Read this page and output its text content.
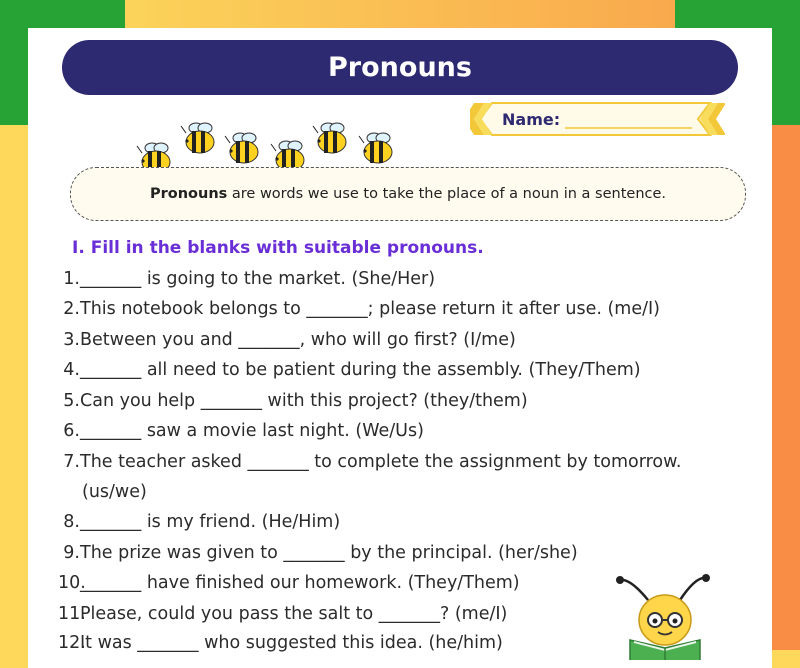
Pronouns
Name:
Pronouns are words we use to take the place of a noun in a sentence.
I. Fill in the blanks with suitable pronouns.
1._______ is going to the market. (She/Her)
2.This notebook belongs to _______; please return it after use. (me/I)
3.Between you and _______, who will go first? (I/me)
4._______ all need to be patient during the assembly. (They/Them)
5.Can you help _______ with this project? (they/them)
6._______ saw a movie last night. (We/Us)
7.The teacher asked _______ to complete the assignment by tomorrow.
(us/we)
8._______ is my friend. (He/Him)
9.The prize was given to _______ by the principal. (her/she)
10._______ have finished our homework. (They/Them)
11.Please, could you pass the salt to _______? (me/I)
12.It was _______ who suggested this idea. (he/him)
